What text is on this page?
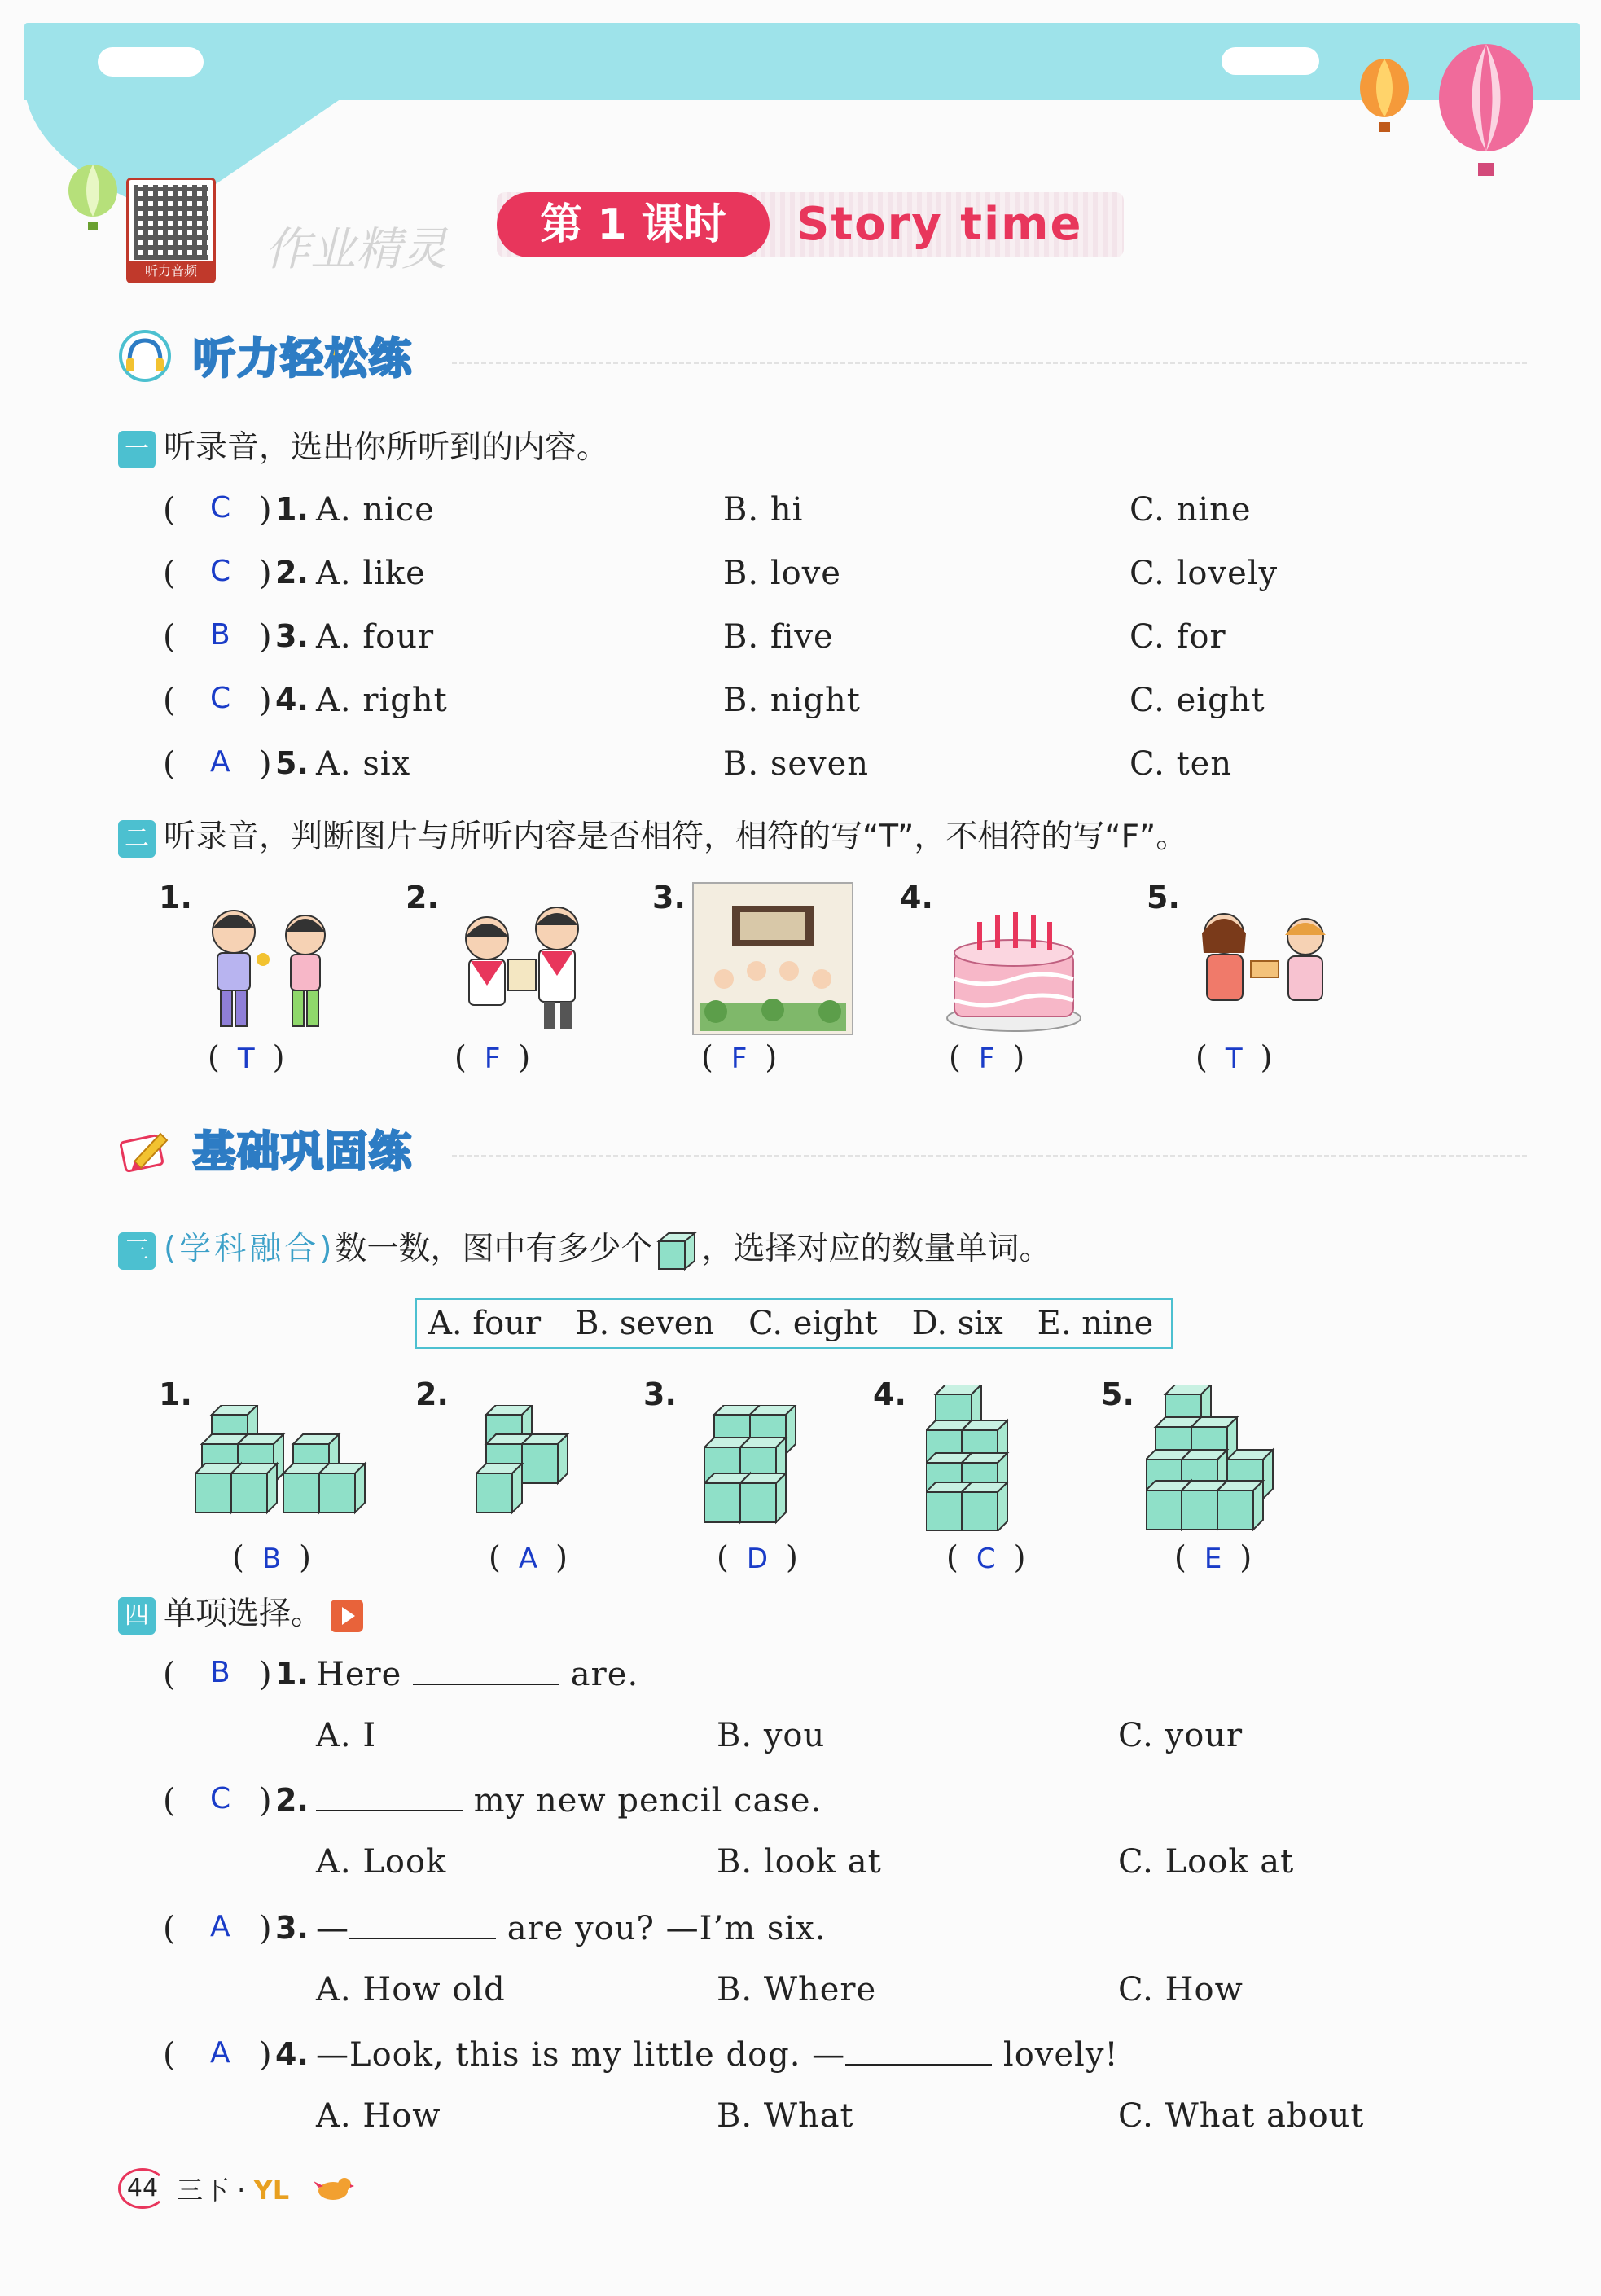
听力音频	作业精灵	第 1 课时	Story time
听力轻松练
一 听录音，选出你所听到的内容。
( C ) 1. A. nice	B. hi	C. nine
( C ) 2. A. like	B. love	C. lovely
( B ) 3. A. four	B. five	C. for
( C ) 4. A. right	B. night	C. eight
( A ) 5. A. six	B. seven	C. ten
二 听录音，判断图片与所听内容是否相符，相符的写“T”，不相符的写“F”。
1.
( T )
2.
( F )
3.
( F )
4.
( F )
5.
( T )
基础巩固练
三 (学科融合)数一数，图中有多少个 ，选择对应的数量单词。
A. four B. seven C. eight D. six E. nine
1.
( B )
2.
( A )
3.
( D )
4.
( C )
5.
( E )
四 单项选择。
( B ) 1. Here	are.
A. I	B. you	C. your
( C ) 2.	my new pencil case.
A. Look	B. look at	C. Look at
( A ) 3. —	are you? —I’m six.
A. How old	B. Where	C. How
( A ) 4. —Look, this is my little dog. —	lovely!
A. How	B. What	C. What about
44 三下 · YL
